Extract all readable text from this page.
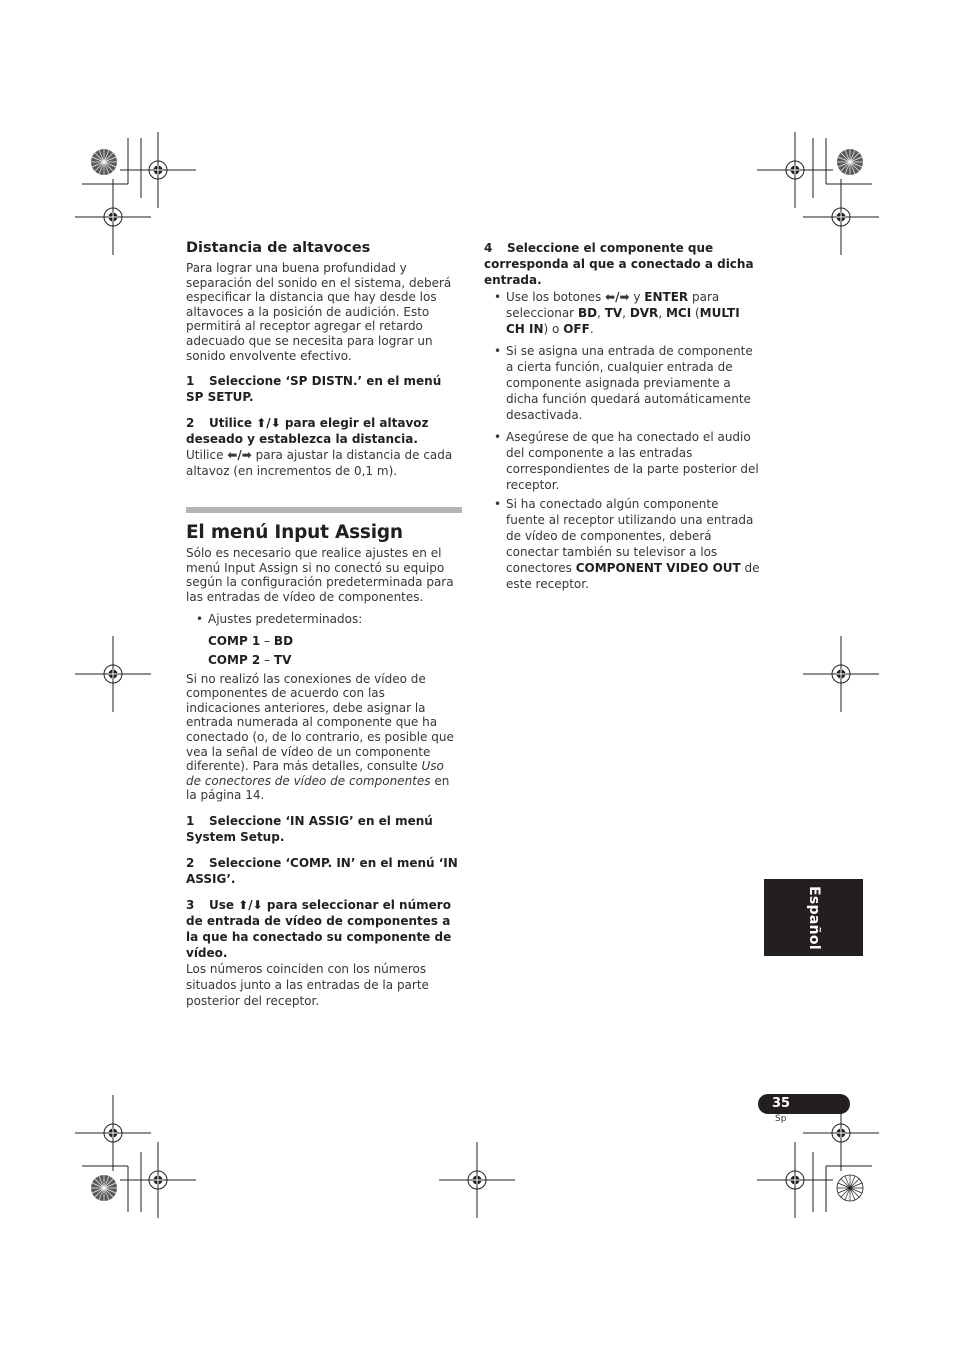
Distancia de altavoces

Para lograr una buena profundidad y separación del sonido en el sistema, deberá especificar la distancia que hay desde los altavoces a la posición de audición. Esto permitirá al receptor agregar el retardo adecuado que se necesita para lograr un sonido envolvente efectivo.

1 Seleccione ‘SP DISTN.’ en el menú SP SETUP.

2 Utilice ⬆/⬇ para elegir el altavoz deseado y establezca la distancia.

Utilice ⬅/➡ para ajustar la distancia de cada altavoz (en incrementos de 0,1 m).

El menú Input Assign

Sólo es necesario que realice ajustes en el menú Input Assign si no conectó su equipo según la configuración predeterminada para las entradas de vídeo de componentes.

• Ajustes predeterminados:
COMP 1 – BD
COMP 2 – TV

Si no realizó las conexiones de vídeo de componentes de acuerdo con las indicaciones anteriores, debe asignar la entrada numerada al componente que ha conectado (o, de lo contrario, es posible que vea la señal de vídeo de un componente diferente). Para más detalles, consulte Uso de conectores de vídeo de componentes en la página 14.

1 Seleccione ‘IN ASSIG’ en el menú System Setup.

2 Seleccione ‘COMP. IN’ en el menú ‘IN ASSIG’.

3 Use ⬆/⬇ para seleccionar el número de entrada de vídeo de componentes a la que ha conectado su componente de vídeo.

Los números coinciden con los números situados junto a las entradas de la parte posterior del receptor.

4 Seleccione el componente que corresponda al que a conectado a dicha entrada.

• Use los botones ⬅/➡ y ENTER para seleccionar BD, TV, DVR, MCI (MULTI CH IN) o OFF.
• Si se asigna una entrada de componente a cierta función, cualquier entrada de componente asignada previamente a dicha función quedará automáticamente desactivada.
• Asegúrese de que ha conectado el audio del componente a las entradas correspondientes de la parte posterior del receptor.
• Si ha conectado algún componente fuente al receptor utilizando una entrada de vídeo de componentes, deberá conectar también su televisor a los conectores COMPONENT VIDEO OUT de este receptor.
Español
35
Sp
